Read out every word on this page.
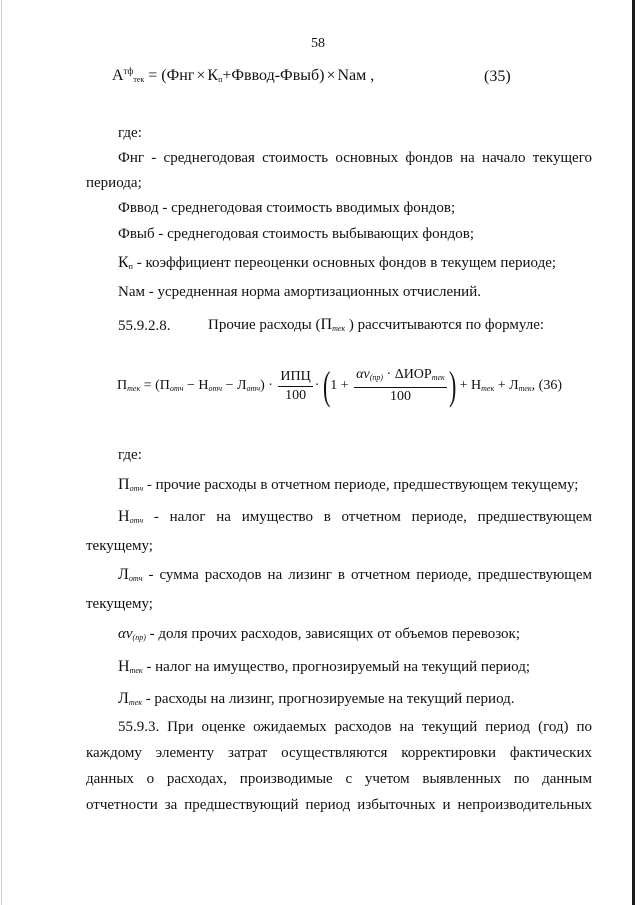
58
$А^{тф}тек = (Фнг$ × Кп+Фввод-Фвыб) × Nам ,	(35)
где:
Фнг - среднегодовая стоимость основных фондов на начало текущего
периода;
Фввод - среднегодовая стоимость вводимых фондов;
Фвыб - среднегодовая стоимость выбывающих фондов;
Кп - коэффициент переоценки основных фондов в текущем периоде;
Nам - усредненная норма амортизационных отчислений.
55.9.2.8.	Прочие расходы (Птек ) рассчитываются по формуле:
Птек = (Потч − Нотч − Лотч) · $\frac{\text{ИПЦ}}{100} \cdot (1 + \frac{\text{αv(пр) · ΔИОРтек}}{100}$ ) + Нтек + Лтек, (36)
где:
Потч - прочие расходы в отчетном периоде, предшествующем текущему;
Нотч - налог на имущество в отчетном периоде, предшествующем
текущему;
Лотч - сумма расходов на лизинг в отчетном периоде, предшествующем
текущему;
αv(пр) - доля прочих расходов, зависящих от объемов перевозок;
Нтек - налог на имущество, прогнозируемый на текущий период;
Лтек - расходы на лизинг, прогнозируемые на текущий период.
55.9.3. При оценке ожидаемых расходов на текущий период (год) по
каждому элементу затрат осуществляются корректировки фактических
данных о расходах, производимые с учетом выявленных по данным
отчетности за предшествующий период избыточных и непроизводительных
